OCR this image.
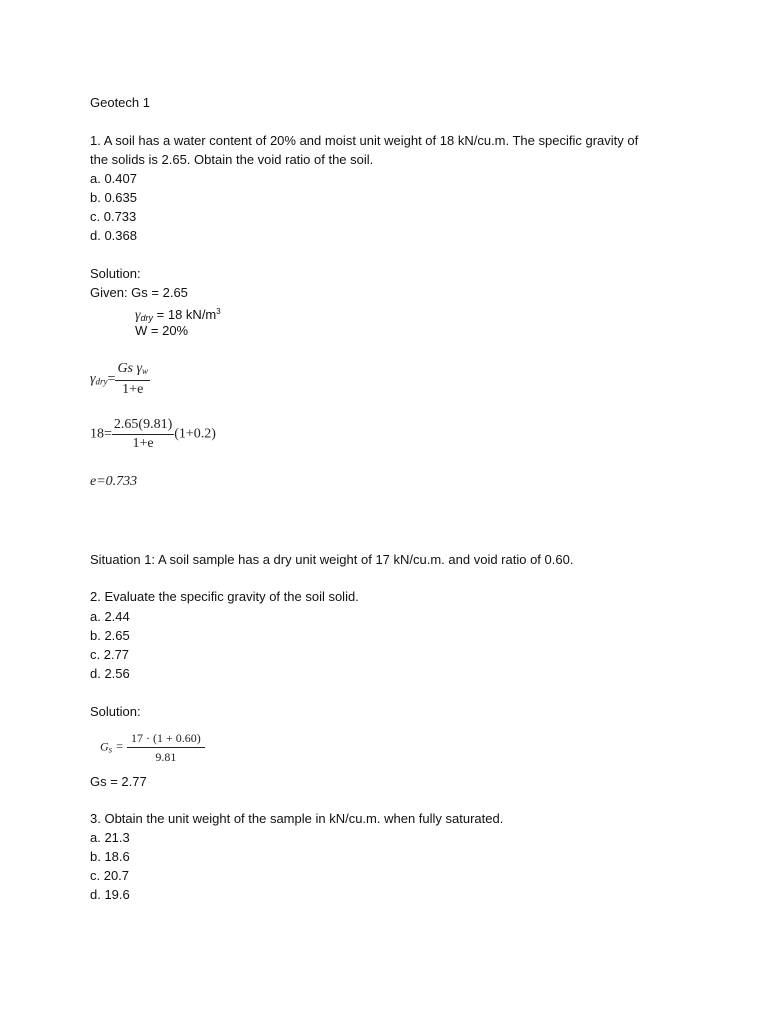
Geotech 1
1. A soil has a water content of 20% and moist unit weight of 18 kN/cu.m. The specific gravity of
the solids is 2.65. Obtain the void ratio of the soil.
a. 0.407
b. 0.635
c. 0.733
d. 0.368
Solution:
Given: Gs = 2.65
$\gamma_{dry} = 18$ $kN/m^3$
W = 20%
$\gamma_{dry}= \frac{Gs \gamma_w}{1+e}$
$18= \frac{2.65(9.81)}{1+e} (1+0.2)$
e=0.733
Situation 1: A soil sample has a dry unit weight of 17 kN/cu.m. and void ratio of 0.60.
2. Evaluate the specific gravity of the soil solid.
a. 2.44
b. 2.65
c. 2.77
d. 2.56
Solution:
$G_s = \frac{17 \cdot (1 + 0.60)}{9.81}$
Gs = 2.77
3. Obtain the unit weight of the sample in kN/cu.m. when fully saturated.
a. 21.3
b. 18.6
c. 20.7
d. 19.6
